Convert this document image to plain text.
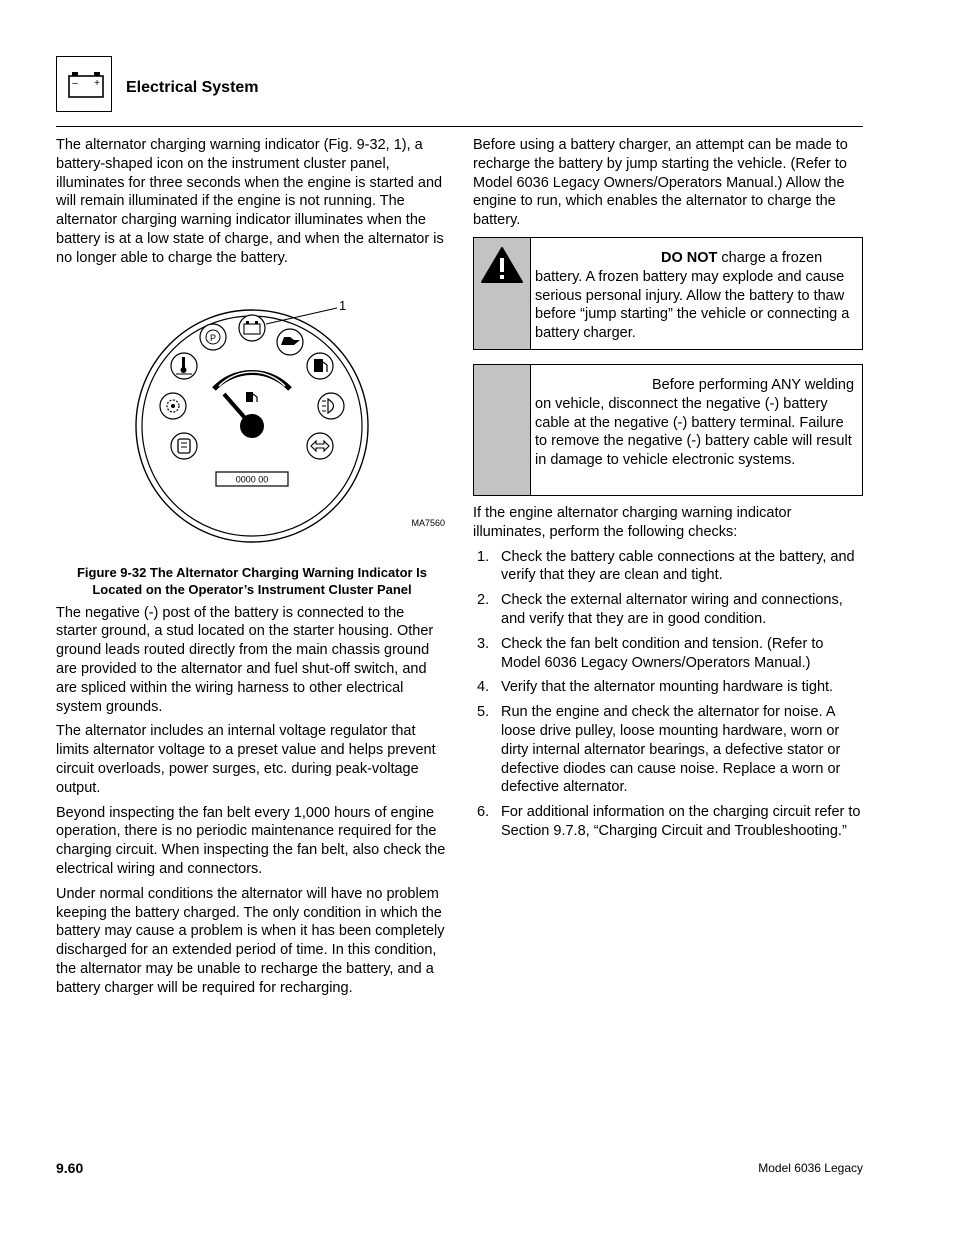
– + Electrical System

The alternator charging warning indicator (Fig. 9-32, 1), a battery-shaped icon on the instrument cluster panel, illuminates for three seconds when the engine is started and will remain illuminated if the engine is not running. The alternator charging warning indicator illuminates when the battery is at a low state of charge, and when the alternator is no longer able to charge the battery.

P
0000 00
1
MA7560

Figure 9-32 The Alternator Charging Warning Indicator Is Located on the Operator’s Instrument Cluster Panel

The negative (-) post of the battery is connected to the starter ground, a stud located on the starter housing. Other ground leads routed directly from the main chassis ground are provided to the alternator and fuel shut-off switch, and are spliced within the wiring harness to other electrical system grounds.

The alternator includes an internal voltage regulator that limits alternator voltage to a preset value and helps prevent circuit overloads, power surges, etc. during peak-voltage output.

Beyond inspecting the fan belt every 1,000 hours of engine operation, there is no periodic maintenance required for the charging circuit. When inspecting the fan belt, also check the electrical wiring and connectors.

Under normal conditions the alternator will have no problem keeping the battery charged. The only condition in which the battery may cause a problem is when it has been completely discharged for an extended period of time. In this condition, the alternator may be unable to recharge the battery, and a battery charger will be required for recharging.

Before using a battery charger, an attempt can be made to recharge the battery by jump starting the vehicle. (Refer to Model 6036 Legacy Owners/Operators Manual.) Allow the engine to run, which enables the alternator to charge the battery.

DO NOT charge a frozen battery. A frozen battery may explode and cause serious personal injury. Allow the battery to thaw before “jump starting” the vehicle or connecting a battery charger.
Before performing ANY welding on vehicle, disconnect the negative (-) battery cable at the negative (-) battery terminal. Failure to remove the negative (-) battery cable will result in damage to vehicle electronic systems.

If the engine alternator charging warning indicator illuminates, perform the following checks:

1. Check the battery cable connections at the battery, and verify that they are clean and tight.
2. Check the external alternator wiring and connections, and verify that they are in good condition.
3. Check the fan belt condition and tension. (Refer to Model 6036 Legacy Owners/Operators Manual.)
4. Verify that the alternator mounting hardware is tight.
5. Run the engine and check the alternator for noise. A loose drive pulley, loose mounting hardware, worn or dirty internal alternator bearings, a defective stator or defective diodes can cause noise. Replace a worn or defective alternator.
6. For additional information on the charging circuit refer to Section 9.7.8, “Charging Circuit and Troubleshooting.”
9.60	Model 6036 Legacy
